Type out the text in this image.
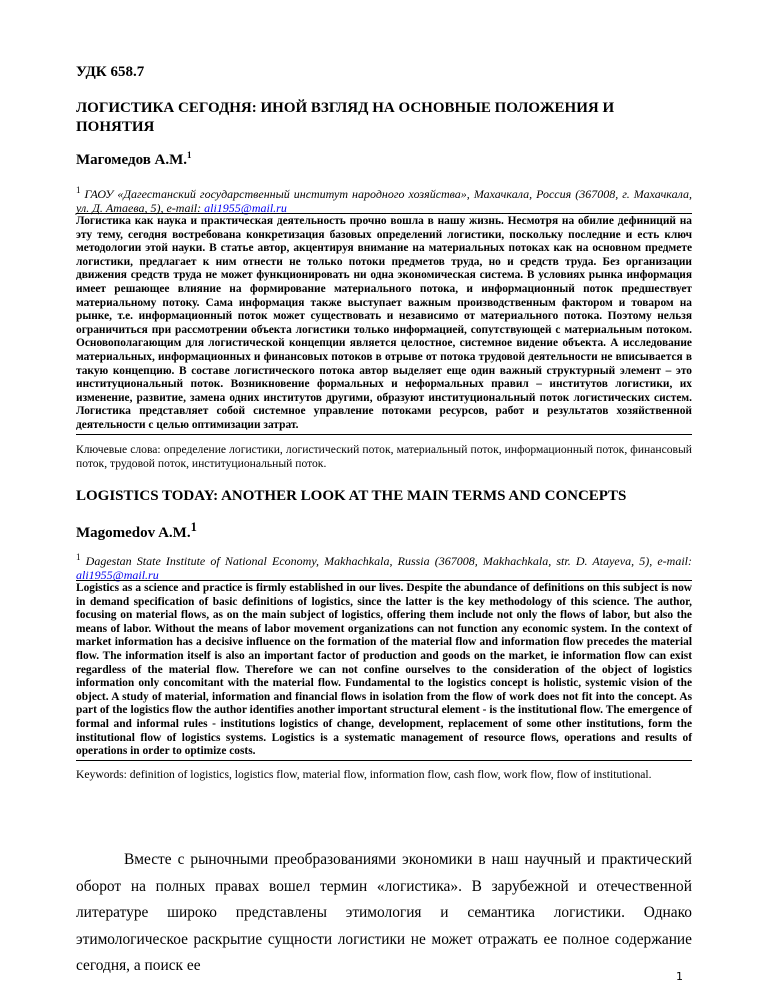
УДК 658.7
ЛОГИСТИКА СЕГОДНЯ: ИНОЙ ВЗГЛЯД НА ОСНОВНЫЕ ПОЛОЖЕНИЯ И ПОНЯТИЯ
Магомедов А.М.$^1$
$^1$ ГАОУ «Дагестанский государственный институт народного хозяйства», Махачкала, Россия (367008, г. Махачкала, ул. Д. Атаева, 5), e-mail: ali1955@mail.ru
Логистика как наука и практическая деятельность прочно вошла в нашу жизнь. Несмотря на обилие дефиниций на эту тему, сегодня востребована конкретизация базовых определений логистики, поскольку последние и есть ключ методологии этой науки. В статье автор, акцентируя внимание на материальных потоках как на основном предмете логистики, предлагает к ним отнести не только потоки предметов труда, но и средств труда. Без организации движения средств труда не может функционировать ни одна экономическая система. В условиях рынка информация имеет решающее влияние на формирование материального потока, и информационный поток предшествует материальному потоку. Сама информация также выступает важным производственным фактором и товаром на рынке, т.е. информационный поток может существовать и независимо от материального потока. Поэтому нельзя ограничиться при рассмотрении объекта логистики только информацией, сопутствующей с материальным потоком. Основополагающим для логистической концепции является целостное, системное видение объекта. А исследование материальных, информационных и финансовых потоков в отрыве от потока трудовой деятельности не вписывается в такую концепцию. В составе логистического потока автор выделяет еще один важный структурный элемент – это институциональный поток. Возникновение формальных и неформальных правил – институтов логистики, их изменение, развитие, замена одних институтов другими, образуют институциональный поток логистических систем. Логистика представляет собой системное управление потоками ресурсов, работ и результатов хозяйственной деятельности с целью оптимизации затрат.
Ключевые слова: определение логистики, логистический поток, материальный поток, информационный поток, финансовый поток, трудовой поток, институциональный поток.
LOGISTICS TODAY: ANOTHER LOOK AT THE MAIN TERMS AND CONCEPTS
Magomedov A.M.$^1$
$^1$ Dagestan State Institute of National Economy, Makhachkala, Russia (367008, Makhachkala, str. D. Atayeva, 5), e-mail: ali1955@mail.ru
Logistics as a science and practice is firmly established in our lives. Despite the abundance of definitions on this subject is now in demand specification of basic definitions of logistics, since the latter is the key methodology of this science. The author, focusing on material flows, as on the main subject of logistics, offering them include not only the flows of labor, but also the means of labor. Without the means of labor movement organizations can not function any economic system. In the context of market information has a decisive influence on the formation of the material flow and information flow precedes the material flow. The information itself is also an important factor of production and goods on the market, ie information flow can exist regardless of the material flow. Therefore we can not confine ourselves to the consideration of the object of logistics information only concomitant with the material flow. Fundamental to the logistics concept is holistic, systemic vision of the object. A study of material, information and financial flows in isolation from the flow of work does not fit into the concept. As part of the logistics flow the author identifies another important structural element - is the institutional flow. The emergence of formal and informal rules - institutions logistics of change, development, replacement of some other institutions, form the institutional flow of logistics systems. Logistics is a systematic management of resource flows, operations and results of operations in order to optimize costs.
Keywords: definition of logistics, logistics flow, material flow, information flow, cash flow, work flow, flow of institutional.
Вместе с рыночными преобразованиями экономики в наш научный и практический оборот на полных правах вошел термин «логистика». В зарубежной и отечественной литературе широко представлены этимология и семантика логистики. Однако этимологическое раскрытие сущности логистики не может отражать ее полное содержание сегодня, а поиск ее
1
